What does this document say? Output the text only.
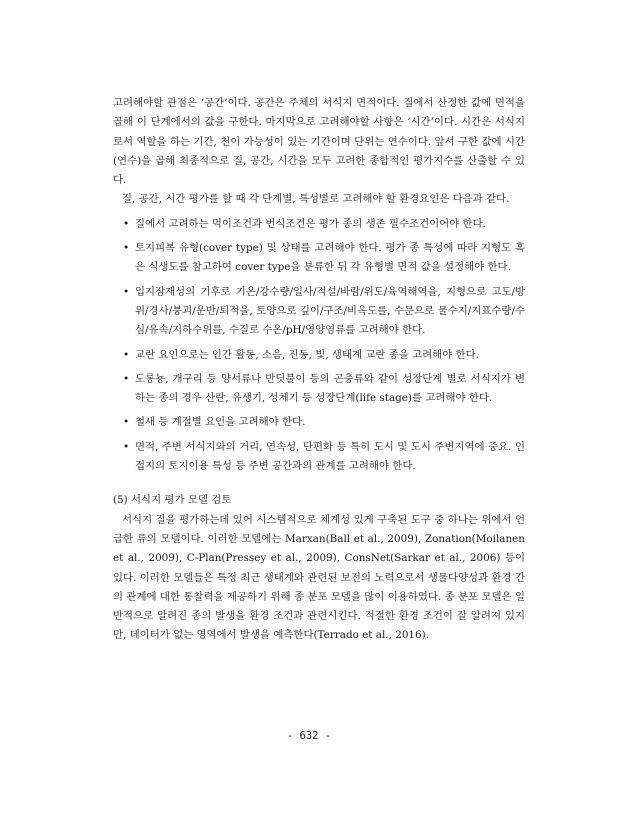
고려해야할 관점은 ‘공간’이다. 공간은 주체의 서식지 면적이다. 질에서 산정한 값에 면적을 곱해 이 단계에서의 값을 구한다. 마지막으로 고려해야할 사항은 ‘시간’이다. 시간은 서식지로서 역할을 하는 기간, 천이 가능성이 있는 기간이며 단위는 연수이다. 앞서 구한 값에 시간(연수)을 곱해 최종적으로 질, 공간, 시간을 모두 고려한 종합적인 평가지수를 산출할 수 있다.

질, 공간, 시간 평가를 할 때 각 단계별, 특성별로 고려해야 할 환경요인은 다음과 같다.

• 질에서 고려하는 먹이조건과 번식조건은 평가 종의 생존 필수조건이어야 한다.
• 토지피복 유형(cover type) 및 상태를 고려해야 한다. 평가 종 특성에 따라 지형도 혹은 식생도를 참고하여 cover type을 분류한 뒤 각 유형별 면적 값을 설정해야 한다.
• 입지잠재성의 기후로 기온/강수량/일사/적설/바람/위도/육역해역을, 지형으로 고도/방위/경사/붕괴/운반/퇴적을, 토양으로 깊이/구조/비옥도를, 수문으로 물수지/지표수량/수심/유속/지하수위를, 수질로 수온/pH/영양염류를 고려해야 한다.
• 교란 요인으로는 인간 활동, 소음, 진동, 빛, 생태계 교란 종을 고려해야 한다.
• 도롱뇽, 개구리 등 양서류나 반딧불이 등의 곤충류와 같이 성장단계 별로 서식지가 변하는 종의 경우 산란, 유생기, 성체기 등 성장단계(life stage)를 고려해야 한다.
• 철새 등 계절별 요인을 고려해야 한다.
• 면적, 주변 서식지와의 거리, 연속성, 단편화 등 특히 도시 및 도시 주변지역에 중요. 인접지의 토지이용 특성 등 주변 공간과의 관계를 고려해야 한다.

(5) 서식지 평가 모델 검토

서식지 질을 평가하는데 있어 시스템적으로 체계성 있게 구축된 도구 중 하나는 위에서 언급한 류의 모델이다. 이러한 모델에는 Marxan(Ball et al., 2009), Zonation(Moilanen et al., 2009), C-Plan(Pressey et al., 2009), ConsNet(Sarkar et al., 2006) 등이 있다. 이러한 모델들은 특정 최근 생태계와 관련된 보전의 노력으로서 생물다양성과 환경 간의 관계에 대한 통찰력을 제공하기 위해 종 분포 모델을 많이 이용하였다. 종 분포 모델은 일반적으로 알려진 종의 발생을 환경 조건과 관련시킨다. 적절한 환경 조건이 잘 알려져 있지만, 데이터가 없는 영역에서 발생을 예측한다(Terrado et al., 2016).

- 632 -
